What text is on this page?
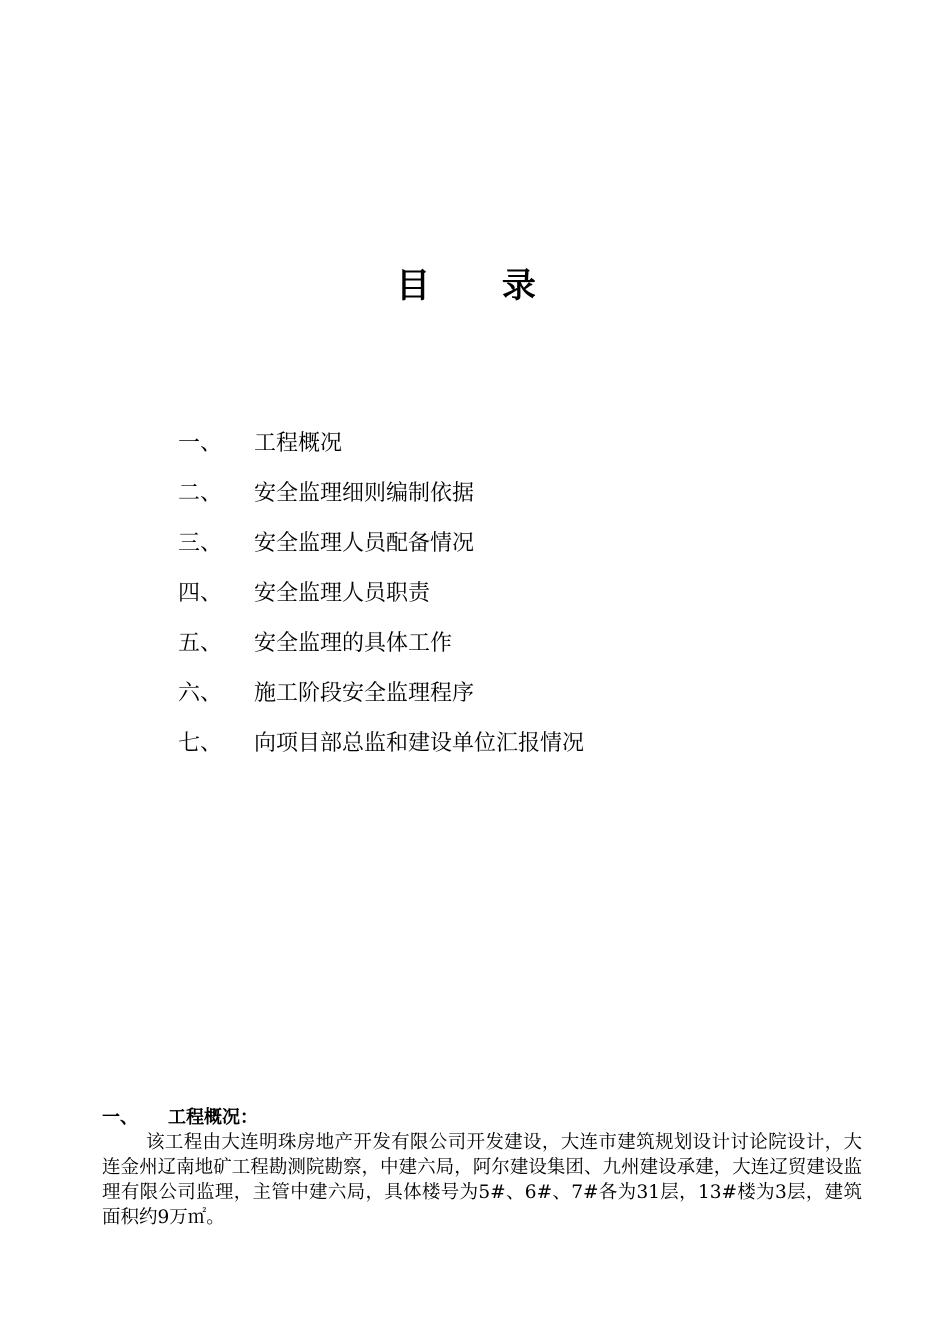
目 录
一、	工程概况
二、	安全监理细则编制依据
三、	安全监理人员配备情况
四、	安全监理人员职责
五、	安全监理的具体工作
六、	施工阶段安全监理程序
七、	向项目部总监和建设单位汇报情况
一、	工程概况：

该工程由大连明珠房地产开发有限公司开发建设，大连市建筑规划设计讨论院设计，大连金州辽南地矿工程勘测院勘察，中建六局，阿尔建设集团、九州建设承建，大连辽贸建设监理有限公司监理，主管中建六局，具体楼号为5#、6#、7#各为31层，13#楼为3层，建筑面积约9万㎡。
